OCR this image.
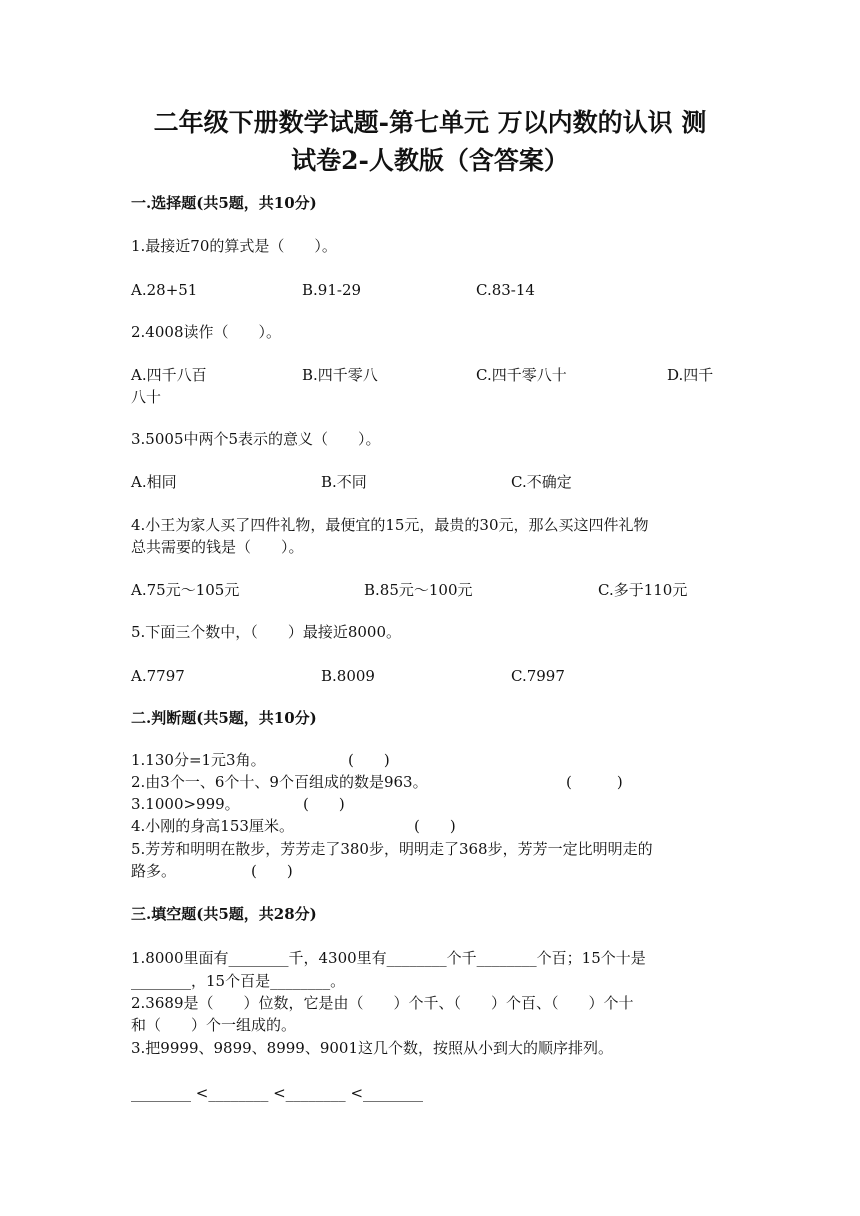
二年级下册数学试题-第七单元 万以内数的认识 测
试卷2-人教版（含答案）
一.选择题(共5题，共10分)
1.最接近70的算式是（　　）。
A.28+51	B.91-29	C.83-14
2.4008读作（　　）。
A.四千八百	B.四千零八	C.四千零八十	D.四千
八十
3.5005中两个5表示的意义（　　）。
A.相同	B.不同	C.不确定
4.小王为家人买了四件礼物，最便宜的15元，最贵的30元，那么买这四件礼物
总共需要的钱是（　　）。
A.75元～105元	B.85元～100元	C.多于110元
5.下面三个数中，（　　）最接近8000。
A.7797	B.8009	C.7997
二.判断题(共5题，共10分)
1.130分=1元3角。	(　　)
2.由3个一、6个十、9个百组成的数是963。	(　　　)
3.1000>999。	(　　)
4.小刚的身高153厘米。	(　　)
5.芳芳和明明在散步，芳芳走了380步，明明走了368步，芳芳一定比明明走的
路多。	(　　)
三.填空题(共5题，共28分)
1.8000里面有________千，4300里有________个千________个百；15个十是
________，15个百是________。
2.3689是（　　）位数，它是由（　　）个千、（　　）个百、（　　）个十
和（　　）个一组成的。
3.把9999、9899、8999、9001这几个数，按照从小到大的顺序排列。
________ <________ <________ <________
